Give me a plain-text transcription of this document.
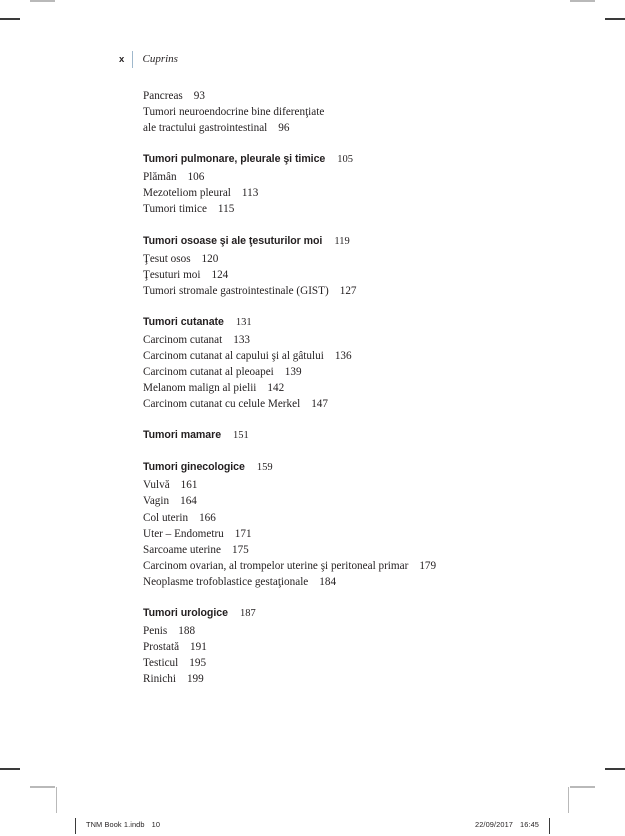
x Cuprins
Pancreas 93
Tumori neuroendocrine bine diferenţiate
ale tractului gastrointestinal 96
Tumori pulmonare, pleurale şi timice 105
Plămân 106
Mezoteliom pleural 113
Tumori timice 115
Tumori osoase şi ale ţesuturilor moi 119
Ţesut osos 120
Ţesuturi moi 124
Tumori stromale gastrointestinale (GIST) 127
Tumori cutanate 131
Carcinom cutanat 133
Carcinom cutanat al capului şi al gâtului 136
Carcinom cutanat al pleoapei 139
Melanom malign al pielii 142
Carcinom cutanat cu celule Merkel 147
Tumori mamare 151
Tumori ginecologice 159
Vulvă 161
Vagin 164
Col uterin 166
Uter – Endometru 171
Sarcoame uterine 175
Carcinom ovarian, al trompelor uterine şi peritoneal primar 179
Neoplasme trofoblastice gestaţionale 184
Tumori urologice 187
Penis 188
Prostată 191
Testicul 195
Rinichi 199
TNM Book 1.indb 10	22/09/2017 16:45
